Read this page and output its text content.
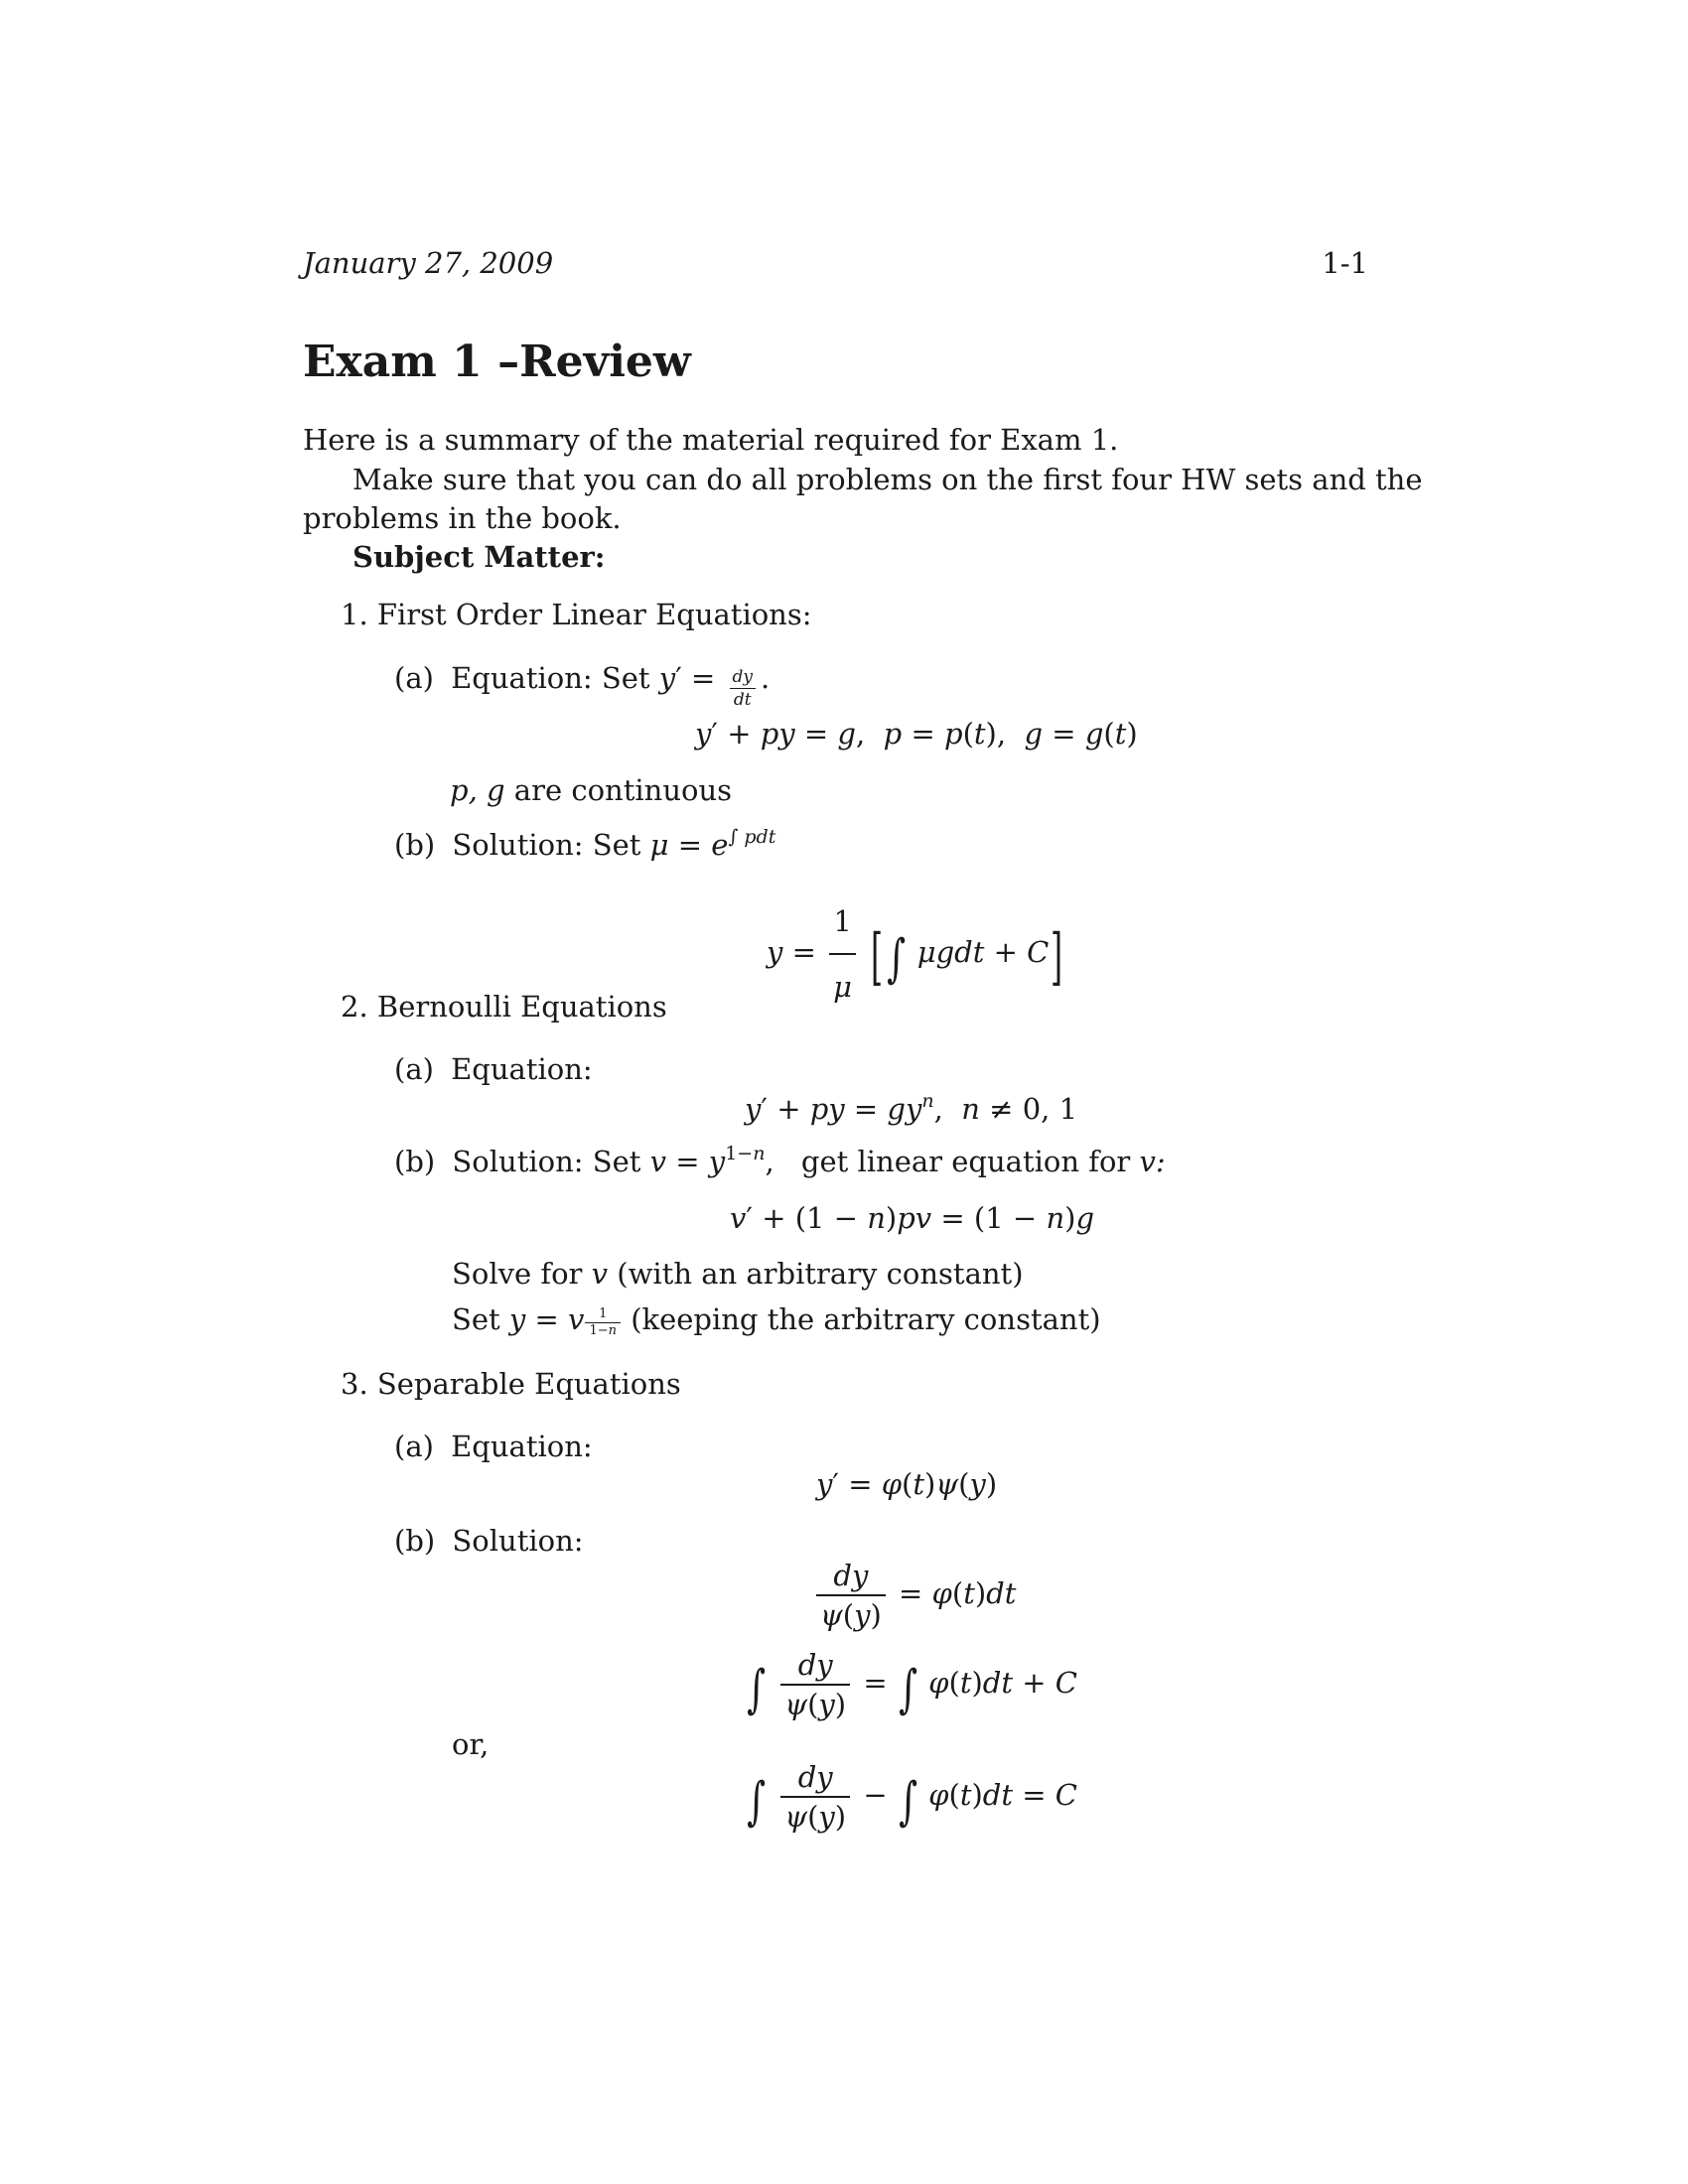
January 27, 2009	1-1
Exam 1 –Review
Here is a summary of the material required for Exam 1.
Make sure that you can do all problems on the first four HW sets and the
problems in the book.
Subject Matter:
1. First Order Linear Equations:
(a) Equation: Set $y' = \frac{dy}{dt}$ .
y′ + py = g,  p = p(t),  g = g(t)
p, g are continuous
(b) Solution: Set $\mu = e^{\int pdt}$
$y = \frac{1}{\mu}$ [∫ μgdt + C]
2. Bernoulli Equations
(a) Equation:
y′ + py = $gy^n$,  n ≠ 0, 1
(b) Solution: Set $v = y^{1-n}$, get linear equation for v:
v′ + (1 − n)pv = (1 − n)g
Solve for v (with an arbitrary constant)
Set y = v $\frac{1}{1-n}$ (keeping the arbitrary constant)
3. Separable Equations
(a) Equation:
y′ = φ(t)ψ(y)
(b) Solution:
$\frac{dy}{\psi(y)} = \varphi(t)dt$
∫ $\frac{dy}{\psi(y)}$ = ∫ φ(t)dt + C
or,
∫ $\frac{dy}{\psi(y)}$ − ∫ φ(t)dt = C
